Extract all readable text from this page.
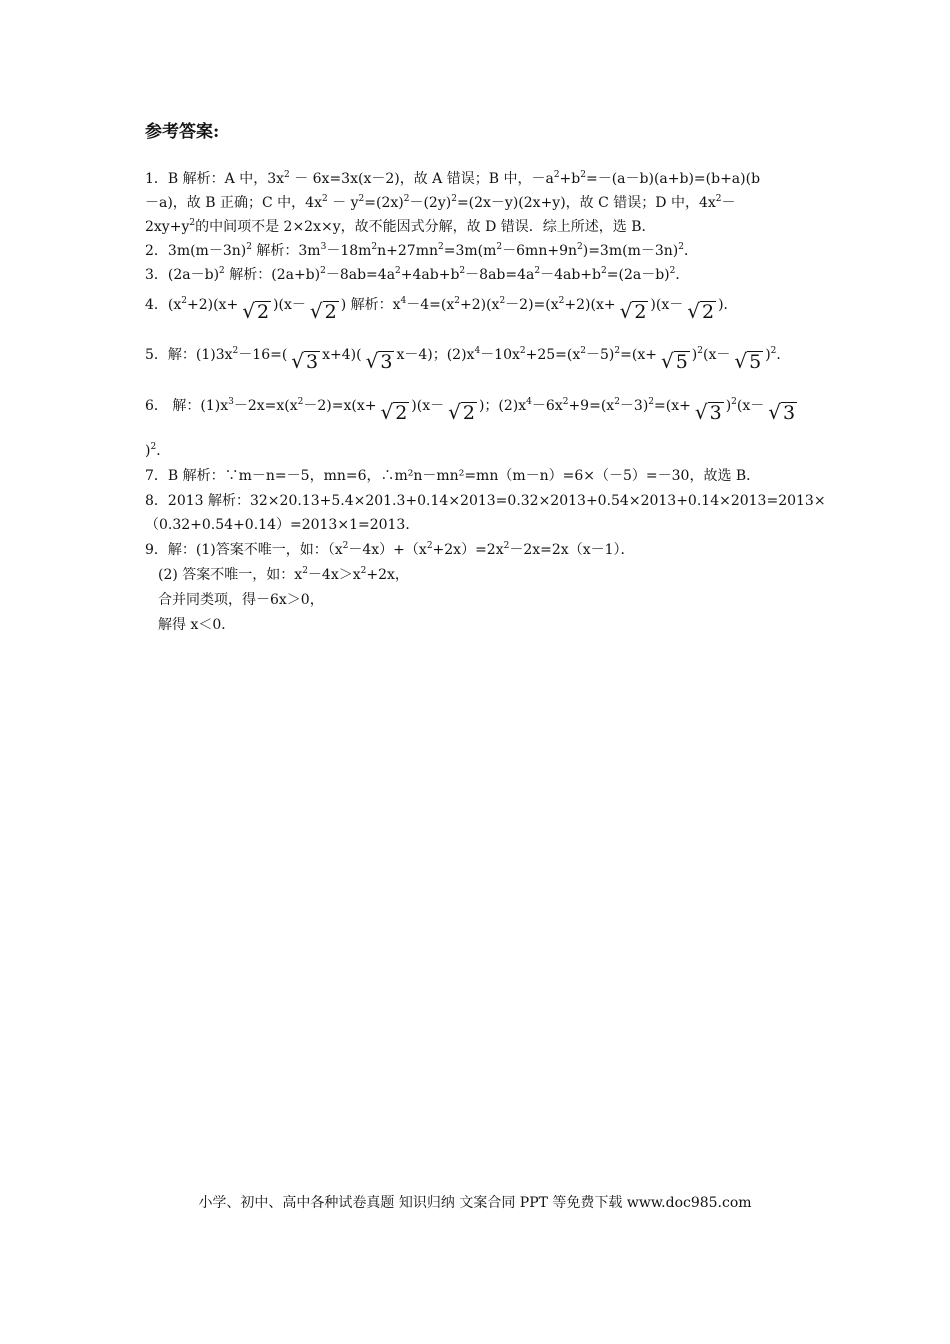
参考答案:
1．B 解析：A 中，$3x^2 - 6x=3x(x-2)$，故 A 错误；B 中，$-a^2+b^2=-(a-b)(a+b)=(b+a)(b$
－a)，故 B 正确；C 中，$4x^2 - y^2=(2x)^2-(2y)^2=(2x-y)(2x+y)$，故 C 错误；D 中，$4x^2-$
$2xy+y^2$的中间项不是 2×2x×y，故不能因式分解，故 D 错误．综上所述，选 B．
2．$3m(m-3n)^2$ 解析：$3m^3-18m^2n+27mn^2=3m(m^2-6mn+9n^2)=3m(m-3n)^2$．
3．$(2a-b)^2$ 解析：$(2a+b)^2-8ab=4a^2+4ab+b^2-8ab=4a^2-4ab+b^2=(2a-b)^2$．
4．$(x^2+2)(x+$ √ 2 )(x－ √ 2 ) 解析：$x^4-4=(x^2+2)(x^2-2)=(x^2+2)(x+$ √ 2 )(x－ √ 2 )．
5．解：$(1)3x^2-16=$( √ 3 x+4)( √ 3 x－4)；$(2)x^4-10x^2+25=(x^2-5)^2=(x+$ √ 5 )$^2$(x－ √ 5 )$^2$．
6． 解：$(1)x^3-2x=x(x^2-2)=x(x+$ √ 2 )(x－ √ 2 )；$(2)x^4-6x^2+9=(x^2-3)^2=(x+$ √ 3 )$^2$(x－ √ 3
)$^2$．
7．B 解析：∵m－n=－5，mn=6，∴m²n－mn²=mn（m－n）=6×（－5）=－30，故选 B．
8．2013 解析：32×20.13+5.4×201.3+0.14×2013=0.32×2013+0.54×2013+0.14×2013=2013×
（0.32+0.54+0.14）=2013×1=2013．
9．解：(1)答案不唯一，如：$(x^2-4x)+(x^2+2x)=2x^2-2x=2x(x-1)$．
(2) 答案不唯一，如：$x^2-4x>x^2+2x$，
合并同类项，得－6x＞0，
解得 x＜0．
小学、初中、高中各种试卷真题 知识归纳 文案合同 PPT 等免费下载 www.doc985.com
